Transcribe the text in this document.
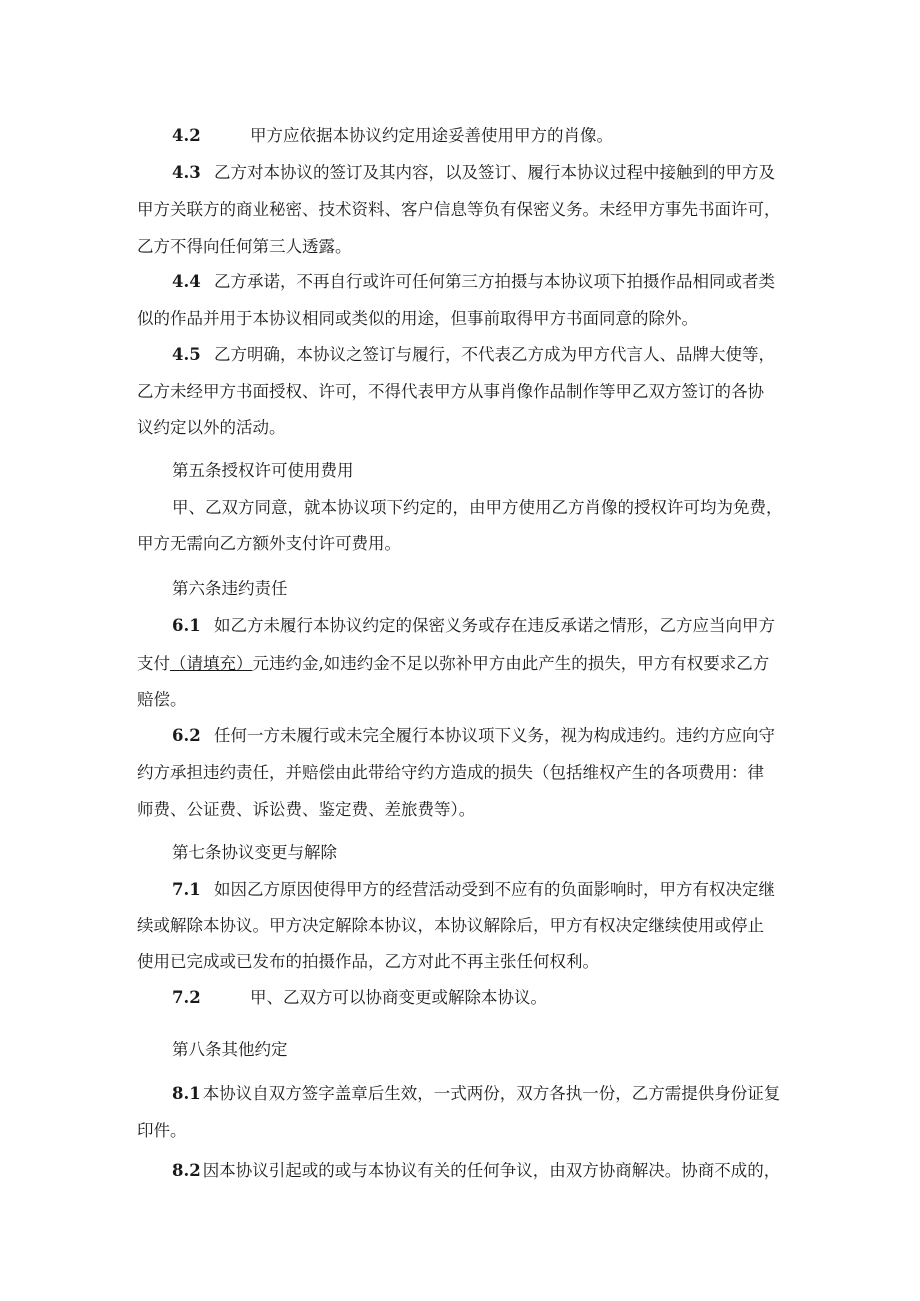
4.2	甲方应依据本协议约定用途妥善使用甲方的肖像。
4.3 乙方对本协议的签订及其内容，以及签订、履行本协议过程中接触到的甲方及
甲方关联方的商业秘密、技术资料、客户信息等负有保密义务。未经甲方事先书面许可，
乙方不得向任何第三人透露。
4.4 乙方承诺，不再自行或许可任何第三方拍摄与本协议项下拍摄作品相同或者类
似的作品并用于本协议相同或类似的用途，但事前取得甲方书面同意的除外。
4.5 乙方明确，本协议之签订与履行，不代表乙方成为甲方代言人、品牌大使等，
乙方未经甲方书面授权、许可，不得代表甲方从事肖像作品制作等甲乙双方签订的各协
议约定以外的活动。
第五条授权许可使用费用
甲、乙双方同意，就本协议项下约定的，由甲方使用乙方肖像的授权许可均为免费，
甲方无需向乙方额外支付许可费用。
第六条违约责任
6.1 如乙方未履行本协议约定的保密义务或存在违反承诺之情形，乙方应当向甲方
支付（请填充）元违约金,如违约金不足以弥补甲方由此产生的损失，甲方有权要求乙方
赔偿。
6.2 任何一方未履行或未完全履行本协议项下义务，视为构成违约。违约方应向守
约方承担违约责任，并赔偿由此带给守约方造成的损失（包括维权产生的各项费用：律
师费、公证费、诉讼费、鉴定费、差旅费等）。
第七条协议变更与解除
7.1 如因乙方原因使得甲方的经营活动受到不应有的负面影响时，甲方有权决定继
续或解除本协议。甲方决定解除本协议，本协议解除后，甲方有权决定继续使用或停止
使用已完成或已发布的拍摄作品，乙方对此不再主张任何权利。
7.2	甲、乙双方可以协商变更或解除本协议。
第八条其他约定
8.1 本协议自双方签字盖章后生效，一式两份，双方各执一份，乙方需提供身份证复
印件。
8.2 因本协议引起或的或与本协议有关的任何争议，由双方协商解决。协商不成的，
